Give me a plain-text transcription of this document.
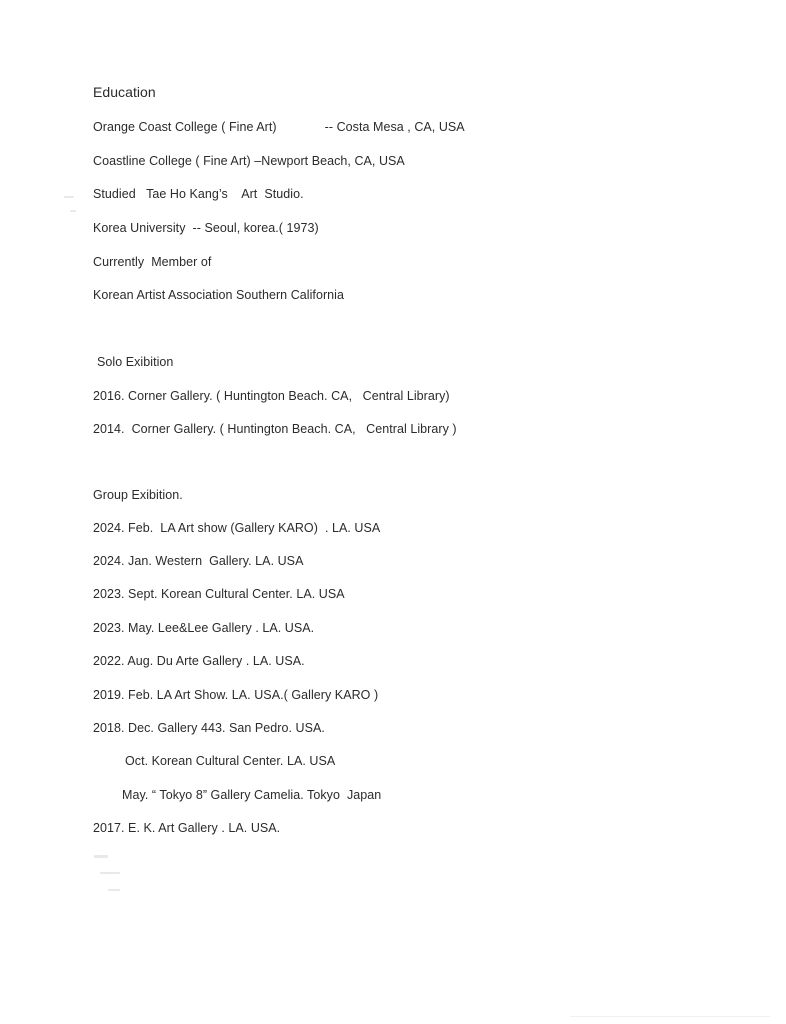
Education
Orange Coast College ( Fine Art)	-- Costa Mesa , CA, USA
Coastline College ( Fine Art) –Newport Beach, CA, USA
Studied   Tae Ho Kang’s    Art  Studio.
Korea University  -- Seoul, korea.( 1973)
Currently  Member of
Korean Artist Association Southern California
Solo Exibition
2016. Corner Gallery. ( Huntington Beach. CA,   Central Library)
2014.  Corner Gallery. ( Huntington Beach. CA,   Central Library )
Group Exibition.
2024. Feb.  LA Art show (Gallery KARO)  . LA. USA
2024. Jan. Western  Gallery. LA. USA
2023. Sept. Korean Cultural Center. LA. USA
2023. May. Lee&Lee Gallery . LA. USA.
2022. Aug. Du Arte Gallery . LA. USA.
2019. Feb. LA Art Show. LA. USA.( Gallery KARO )
2018. Dec. Gallery 443. San Pedro. USA.
Oct. Korean Cultural Center. LA. USA
May. “ Tokyo 8” Gallery Camelia. Tokyo  Japan
2017. E. K. Art Gallery . LA. USA.
